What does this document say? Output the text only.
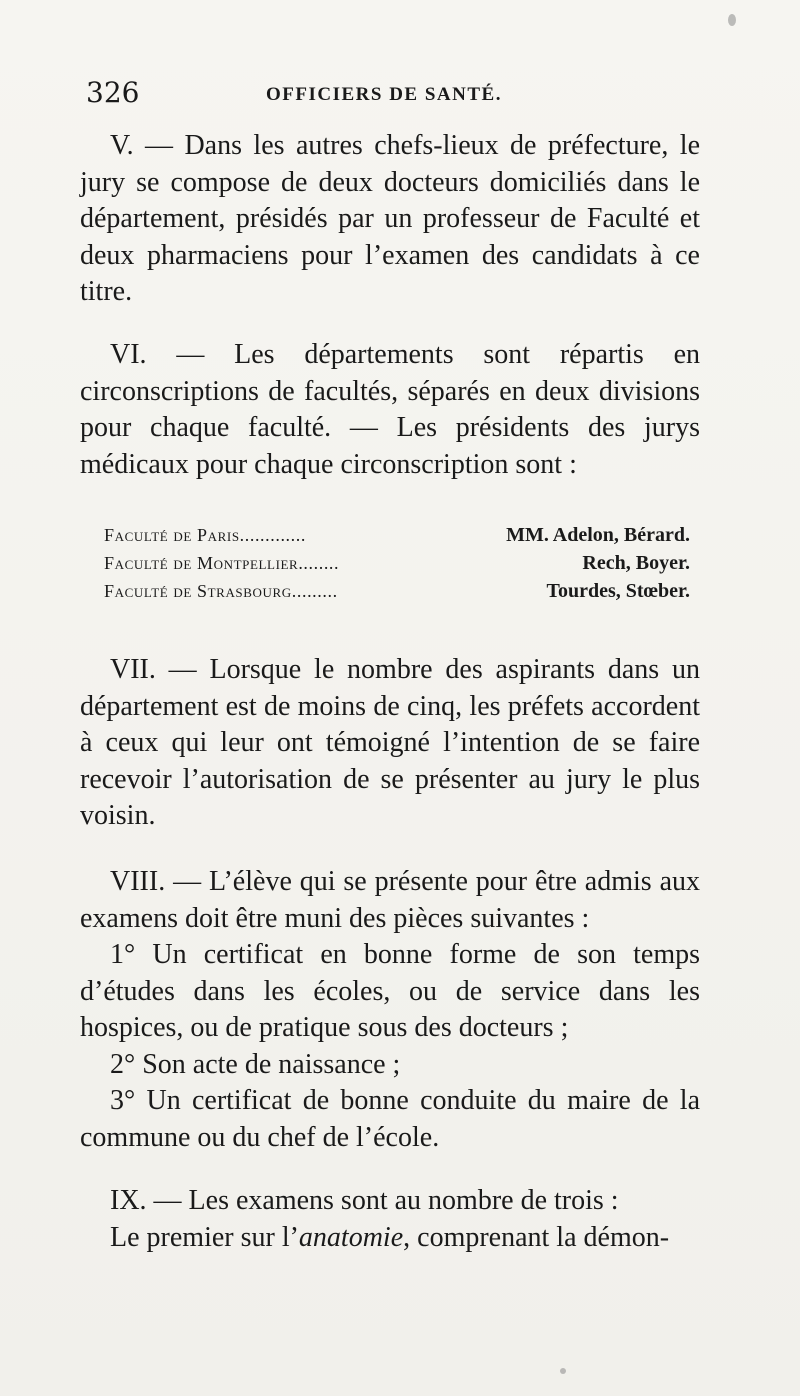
326	OFFICIERS DE SANTÉ.

V. — Dans les autres chefs-lieux de préfecture, le jury se compose de deux docteurs domiciliés dans le département, présidés par un professeur de Faculté et deux pharmaciens pour l’examen des candidats à ce titre.

VI. — Les départements sont répartis en circonscriptions de facultés, séparés en deux divisions pour chaque faculté. — Les présidents des jurys médicaux pour chaque circonscription sont :

Faculté de Paris.............	MM. Adelon, Bérard.
Faculté de Montpellier........	Rech, Boyer.
Faculté de Strasbourg.........	Tourdes, Stœber.

VII. — Lorsque le nombre des aspirants dans un département est de moins de cinq, les préfets accordent à ceux qui leur ont témoigné l’intention de se faire recevoir l’autorisation de se présenter au jury le plus voisin.

VIII. — L’élève qui se présente pour être admis aux examens doit être muni des pièces suivantes :

1° Un certificat en bonne forme de son temps d’études dans les écoles, ou de service dans les hospices, ou de pratique sous des docteurs ;

2° Son acte de naissance ;

3° Un certificat de bonne conduite du maire de la commune ou du chef de l’école.

IX. — Les examens sont au nombre de trois :

Le premier sur l’anatomie, comprenant la démon-
